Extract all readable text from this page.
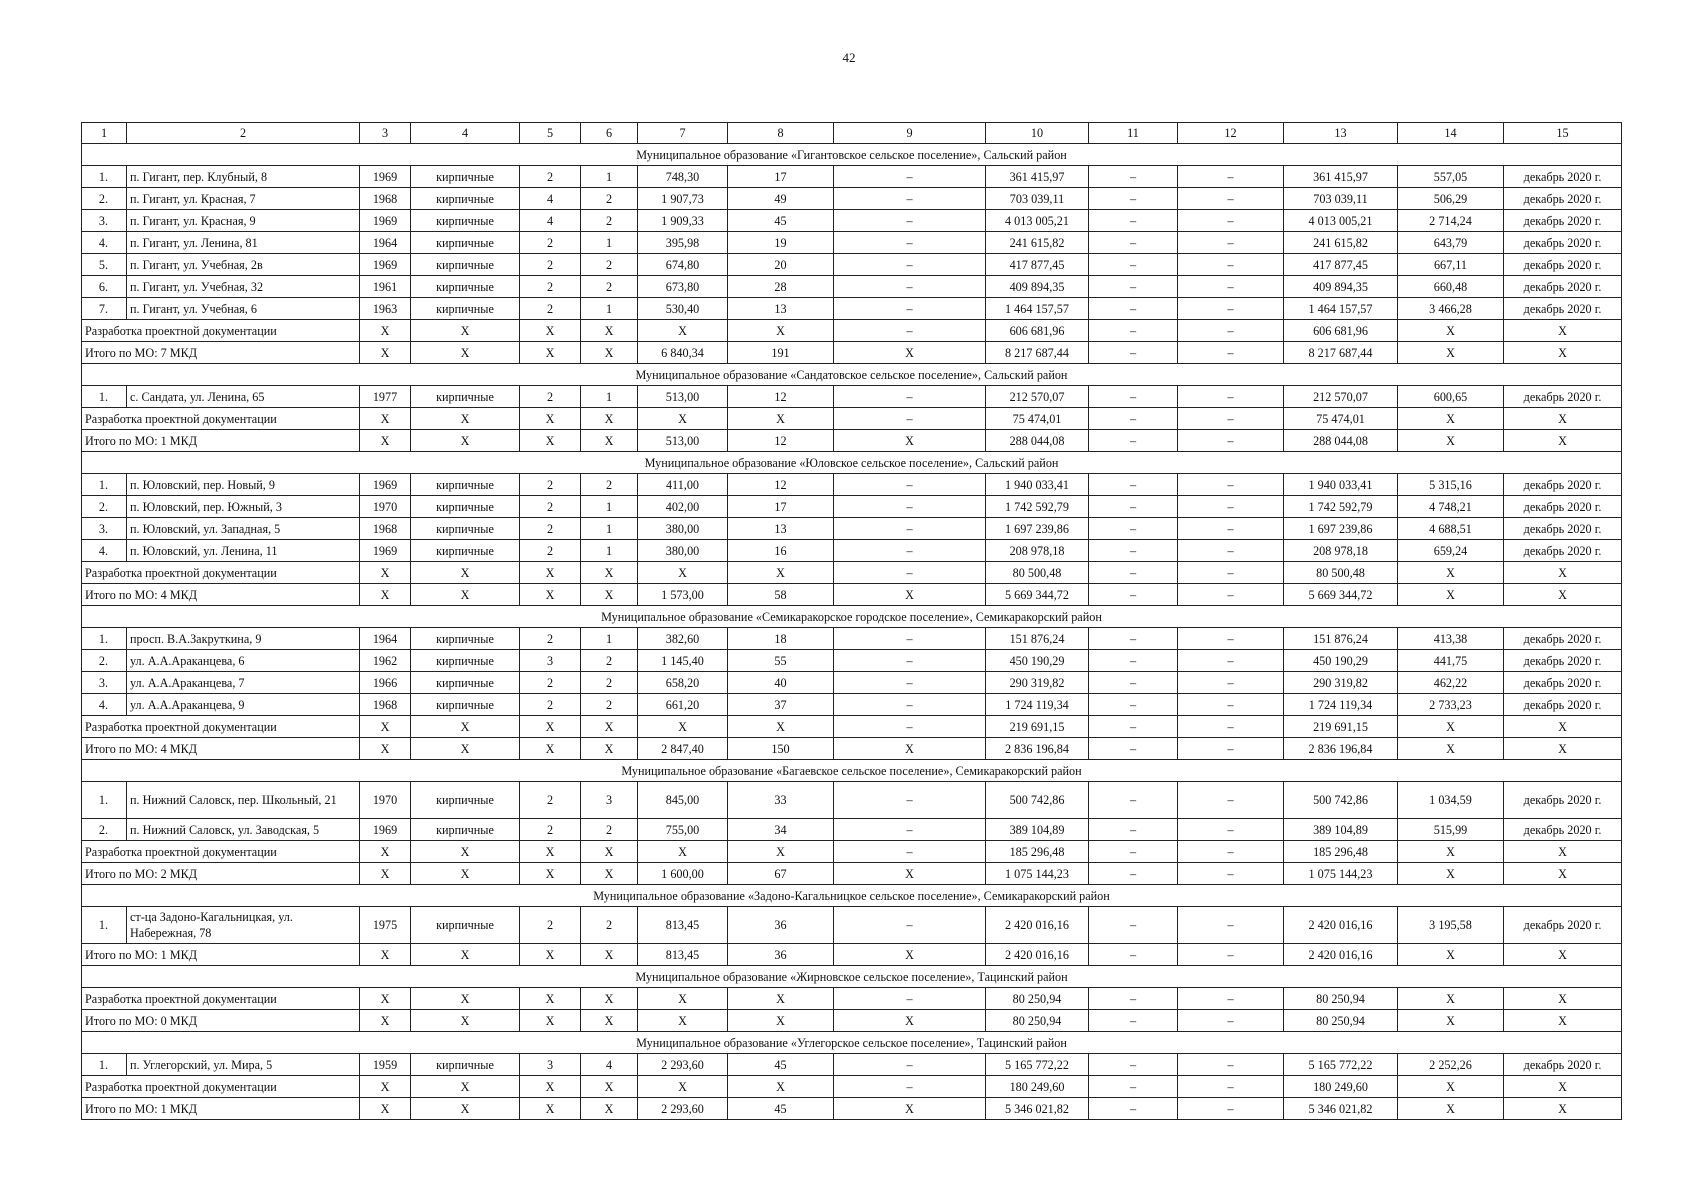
42
1	2	3	4	5	6	7	8	9	10	11	12	13	14	15
Муниципальное образование «Гигантовское сельское поселение», Сальский район														
1.	п. Гигант, пер. Клубный, 8	1969	кирпичные	2	1	748,30	17	–	361 415,97	–	–	361 415,97	557,05	декабрь 2020 г.
2.	п. Гигант, ул. Красная, 7	1968	кирпичные	4	2	1 907,73	49	–	703 039,11	–	–	703 039,11	506,29	декабрь 2020 г.
3.	п. Гигант, ул. Красная, 9	1969	кирпичные	4	2	1 909,33	45	–	4 013 005,21	–	–	4 013 005,21	2 714,24	декабрь 2020 г.
4.	п. Гигант, ул. Ленина, 81	1964	кирпичные	2	1	395,98	19	–	241 615,82	–	–	241 615,82	643,79	декабрь 2020 г.
5.	п. Гигант, ул. Учебная, 2в	1969	кирпичные	2	2	674,80	20	–	417 877,45	–	–	417 877,45	667,11	декабрь 2020 г.
6.	п. Гигант, ул. Учебная, 32	1961	кирпичные	2	2	673,80	28	–	409 894,35	–	–	409 894,35	660,48	декабрь 2020 г.
7.	п. Гигант, ул. Учебная, 6	1963	кирпичные	2	1	530,40	13	–	1 464 157,57	–	–	1 464 157,57	3 466,28	декабрь 2020 г.
Разработка проектной документации		Х	Х	Х	Х	Х	Х	–	606 681,96	–	–	606 681,96	Х	Х
Итого по МО: 7 МКД		Х	Х	Х	Х	6 840,34	191	Х	8 217 687,44	–	–	8 217 687,44	Х	Х
Муниципальное образование «Сандатовское сельское поселение», Сальский район														
1.	с. Сандата, ул. Ленина, 65	1977	кирпичные	2	1	513,00	12	–	212 570,07	–	–	212 570,07	600,65	декабрь 2020 г.
Разработка проектной документации		Х	Х	Х	Х	Х	Х	–	75 474,01	–	–	75 474,01	Х	Х
Итого по МО: 1 МКД		Х	Х	Х	Х	513,00	12	Х	288 044,08	–	–	288 044,08	Х	Х
Муниципальное образование «Юловское сельское поселение», Сальский район														
1.	п. Юловский, пер. Новый, 9	1969	кирпичные	2	2	411,00	12	–	1 940 033,41	–	–	1 940 033,41	5 315,16	декабрь 2020 г.
2.	п. Юловский, пер. Южный, 3	1970	кирпичные	2	1	402,00	17	–	1 742 592,79	–	–	1 742 592,79	4 748,21	декабрь 2020 г.
3.	п. Юловский, ул. Западная, 5	1968	кирпичные	2	1	380,00	13	–	1 697 239,86	–	–	1 697 239,86	4 688,51	декабрь 2020 г.
4.	п. Юловский, ул. Ленина, 11	1969	кирпичные	2	1	380,00	16	–	208 978,18	–	–	208 978,18	659,24	декабрь 2020 г.
Разработка проектной документации		Х	Х	Х	Х	Х	Х	–	80 500,48	–	–	80 500,48	Х	Х
Итого по МО: 4 МКД		Х	Х	Х	Х	1 573,00	58	Х	5 669 344,72	–	–	5 669 344,72	Х	Х
Муниципальное образование «Семикаракорское городское поселение», Семикаракорский район														
1.	просп. В.А.Закруткина, 9	1964	кирпичные	2	1	382,60	18	–	151 876,24	–	–	151 876,24	413,38	декабрь 2020 г.
2.	ул. А.А.Араканцева, 6	1962	кирпичные	3	2	1 145,40	55	–	450 190,29	–	–	450 190,29	441,75	декабрь 2020 г.
3.	ул. А.А.Араканцева, 7	1966	кирпичные	2	2	658,20	40	–	290 319,82	–	–	290 319,82	462,22	декабрь 2020 г.
4.	ул. А.А.Араканцева, 9	1968	кирпичные	2	2	661,20	37	–	1 724 119,34	–	–	1 724 119,34	2 733,23	декабрь 2020 г.
Разработка проектной документации		Х	Х	Х	Х	Х	Х	–	219 691,15	–	–	219 691,15	Х	Х
Итого по МО: 4 МКД		Х	Х	Х	Х	2 847,40	150	Х	2 836 196,84	–	–	2 836 196,84	Х	Х
Муниципальное образование «Багаевское сельское поселение», Семикаракорский район														
1.	п. Нижний Саловск, пер. Школьный, 21	1970	кирпичные	2	3	845,00	33	–	500 742,86	–	–	500 742,86	1 034,59	декабрь 2020 г.
2.	п. Нижний Саловск, ул. Заводская, 5	1969	кирпичные	2	2	755,00	34	–	389 104,89	–	–	389 104,89	515,99	декабрь 2020 г.
Разработка проектной документации		Х	Х	Х	Х	Х	Х	–	185 296,48	–	–	185 296,48	Х	Х
Итого по МО: 2 МКД		Х	Х	Х	Х	1 600,00	67	Х	1 075 144,23	–	–	1 075 144,23	Х	Х
Муниципальное образование «Задоно-Кагальницкое сельское поселение», Семикаракорский район														
1.	ст-ца Задоно-Кагальницкая, ул. Набережная, 78	1975	кирпичные	2	2	813,45	36	–	2 420 016,16	–	–	2 420 016,16	3 195,58	декабрь 2020 г.
Итого по МО: 1 МКД		Х	Х	Х	Х	813,45	36	Х	2 420 016,16	–	–	2 420 016,16	Х	Х
Муниципальное образование «Жирновское сельское поселение», Тацинский район														
Разработка проектной документации		Х	Х	Х	Х	Х	Х	–	80 250,94	–	–	80 250,94	Х	Х
Итого по МО: 0 МКД		Х	Х	Х	Х	Х	Х	Х	80 250,94	–	–	80 250,94	Х	Х
Муниципальное образование «Углегорское сельское поселение», Тацинский район														
1.	п. Углегорский, ул. Мира, 5	1959	кирпичные	3	4	2 293,60	45	–	5 165 772,22	–	–	5 165 772,22	2 252,26	декабрь 2020 г.
Разработка проектной документации		Х	Х	Х	Х	Х	Х	–	180 249,60	–	–	180 249,60	Х	Х
Итого по МО: 1 МКД		Х	Х	Х	Х	2 293,60	45	Х	5 346 021,82	–	–	5 346 021,82	Х	Х
